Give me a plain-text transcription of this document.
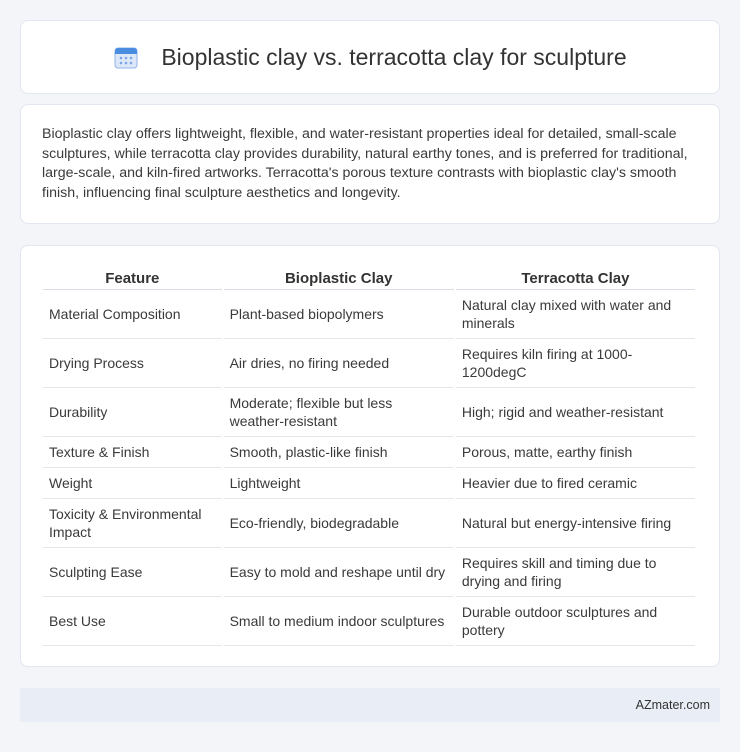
Bioplastic clay vs. terracotta clay for sculpture

Bioplastic clay offers lightweight, flexible, and water-resistant properties ideal for detailed, small-scale sculptures, while terracotta clay provides durability, natural earthy tones, and is preferred for traditional, large-scale, and kiln-fired artworks. Terracotta's porous texture contrasts with bioplastic clay's smooth finish, influencing final sculpture aesthetics and longevity.

Feature	Bioplastic Clay	Terracotta Clay
Material Composition	Plant-based biopolymers	Natural clay mixed with water and minerals
Drying Process	Air dries, no firing needed	Requires kiln firing at 1000-1200degC
Durability	Moderate; flexible but less weather-resistant	High; rigid and weather-resistant
Texture & Finish	Smooth, plastic-like finish	Porous, matte, earthy finish
Weight	Lightweight	Heavier due to fired ceramic
Toxicity & Environmental Impact	Eco-friendly, biodegradable	Natural but energy-intensive firing
Sculpting Ease	Easy to mold and reshape until dry	Requires skill and timing due to drying and firing
Best Use	Small to medium indoor sculptures	Durable outdoor sculptures and pottery
AZmater.com
